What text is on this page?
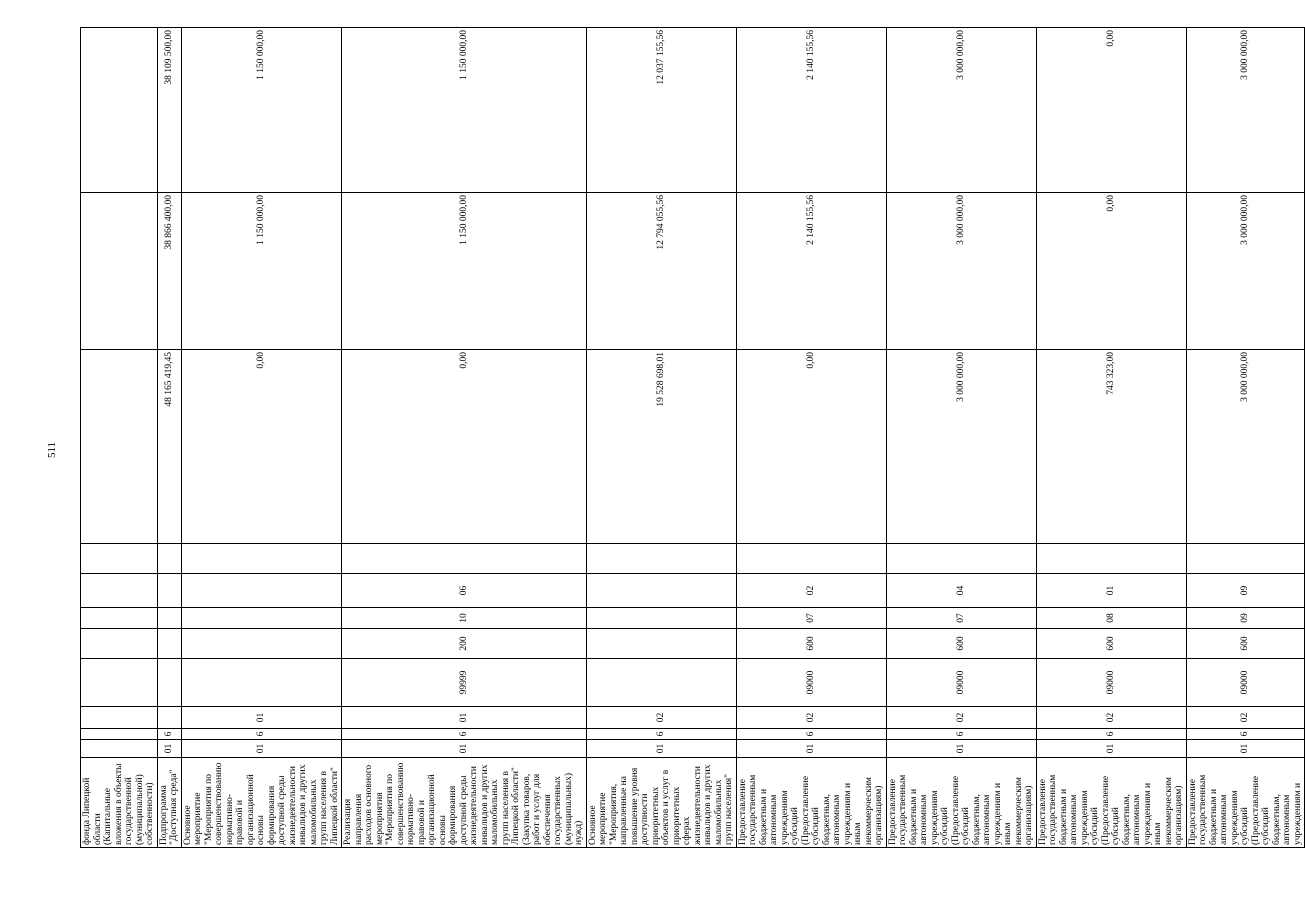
511
фонда Липецкой области (Капитальные вложения в объекты государственной (муниципальной) собственности)											

Подпрограмма "Доступная среда"	01	6							48 165 419,45	38 866 400,00	38 109 500,00

Основное мероприятие "Мероприятия по совершенствованию нормативно-правовой и организационной основы формирования доступной среды жизнедеятельности инвалидов и других маломобильных групп населения в Липецкой области"	01	6	01						0,00	1 150 000,00	1 150 000,00

Реализация направления расходов основного мероприятия "Мероприятия по совершенствованию нормативно-правовой и организационной основы формирования доступной среды жизнедеятельности инвалидов и других маломобильных групп населения в Липецкой области" (Закупка товаров, работ и услуг для обеспечения государственных (муниципальных) нужд)	01	6	01	99999	200	10	06		0,00	1 150 000,00	1 150 000,00

Основное мероприятие "Мероприятия, направленные на повышение уровня доступности приоритетных объектов и услуг в приоритетных сферах жизнедеятельности инвалидов и других маломобильных групп населения"	01	6	02						19 528 698,01	12 794 055,56	12 037 155,56

Предоставление государственным бюджетным и автономным учреждениям субсидий (Предоставление субсидий бюджетным, автономным учреждениям и иным некоммерческим организациям)	01	6	02	09000	600	07	02		0,00	2 140 155,56	2 140 155,56

Предоставление государственным бюджетным и автономным учреждениям субсидий (Предоставление субсидий бюджетным, автономным учреждениям и иным некоммерческим организациям)	01	6	02	09000	600	07	04		3 000 000,00	3 000 000,00	3 000 000,00

Предоставление государственным бюджетным и автономным учреждениям субсидий (Предоставление субсидий бюджетным, автономным учреждениям и иным некоммерческим организациям)	01	6	02	09000	600	08	01		743 323,00	0,00	0,00

Предоставление государственным бюджетным и автономным учреждениям субсидий (Предоставление субсидий бюджетным, автономным учреждениям и	01	6	02	09000	600	09	09		3 000 000,00	3 000 000,00	3 000 000,00
